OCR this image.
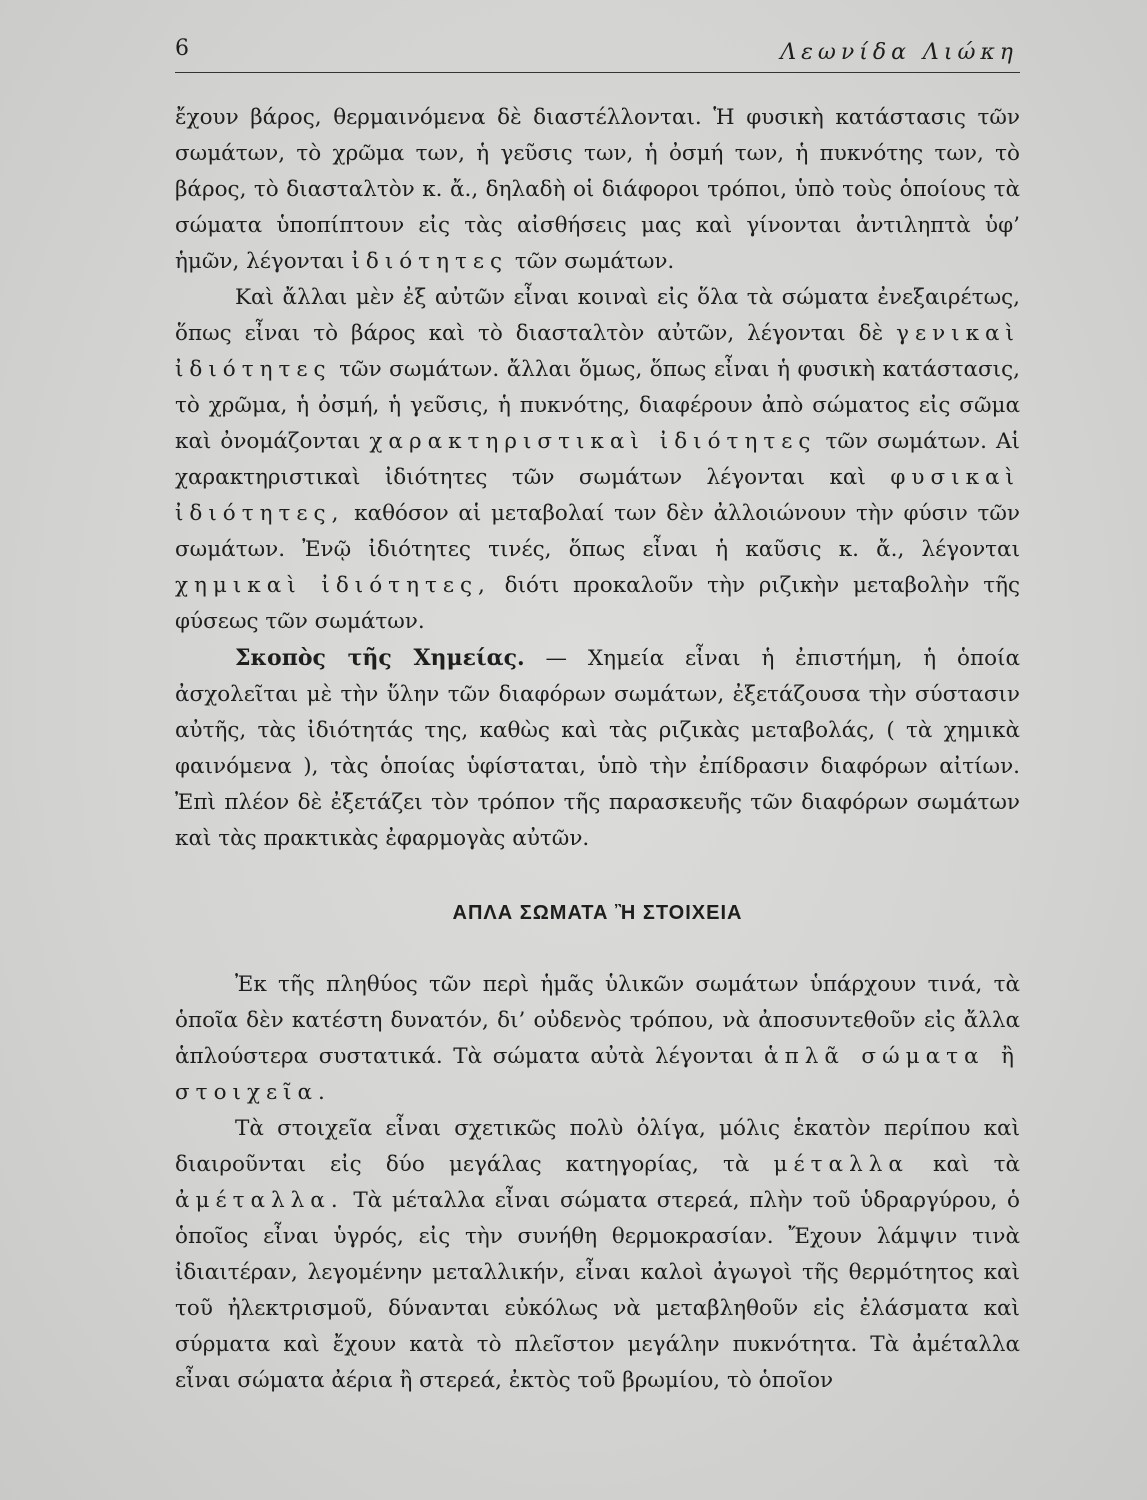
6	Λεωνίδα Λιώκη

ἔχουν βάρος, θερμαινόμενα δὲ διαστέλλονται. Ἡ φυσικὴ κατάστασις τῶν σωμάτων, τὸ χρῶμα των, ἡ γεῦσις των, ἡ ὀσμή των, ἡ πυκνότης των, τὸ βάρος, τὸ διασταλτὸν κ. ἄ., δηλαδὴ οἱ διάφοροι τρόποι, ὑπὸ τοὺς ὁποίους τὰ σώματα ὑποπίπτουν εἰς τὰς αἰσθήσεις μας καὶ γίνονται ἀντιληπτὰ ὑφ’ ἡμῶν, λέγονται ἰδιότητες τῶν σωμάτων.

Καὶ ἄλλαι μὲν ἐξ αὐτῶν εἶναι κοιναὶ εἰς ὅλα τὰ σώματα ἐνεξαιρέτως, ὅπως εἶναι τὸ βάρος καὶ τὸ διασταλτὸν αὐτῶν, λέγονται δὲ γενικαὶ ἰδιότητες τῶν σωμάτων. ἄλλαι ὅμως, ὅπως εἶναι ἡ φυσικὴ κατάστασις, τὸ χρῶμα, ἡ ὀσμή, ἡ γεῦσις, ἡ πυκνότης, διαφέρουν ἀπὸ σώματος εἰς σῶμα καὶ ὀνομάζονται χαρακτηριστικαὶ ἰδιότητες τῶν σωμάτων. Αἱ χαρακτηριστικαὶ ἰδιότητες τῶν σωμάτων λέγονται καὶ φυσικαὶ ἰδιότητες, καθόσον αἱ μεταβολαί των δὲν ἀλλοιώνουν τὴν φύσιν τῶν σωμάτων. Ἐνῷ ἰδιότητες τινές, ὅπως εἶναι ἡ καῦσις κ. ἄ., λέγονται χημικαὶ ἰδιότητες, διότι προκαλοῦν τὴν ριζικὴν μεταβολὴν τῆς φύσεως τῶν σωμάτων.

Σκοπὸς τῆς Χημείας. — Χημεία εἶναι ἡ ἐπιστήμη, ἡ ὁποία ἀσχολεῖται μὲ τὴν ὕλην τῶν διαφόρων σωμάτων, ἐξετάζουσα τὴν σύστασιν αὐτῆς, τὰς ἰδιότητάς της, καθὼς καὶ τὰς ριζικὰς μεταβολάς, ( τὰ χημικὰ φαινόμενα ), τὰς ὁποίας ὑφίσταται, ὑπὸ τὴν ἐπίδρασιν διαφόρων αἰτίων. Ἐπὶ πλέον δὲ ἐξετάζει τὸν τρόπον τῆς παρασκευῆς τῶν διαφόρων σωμάτων καὶ τὰς πρακτικὰς ἐφαρμογὰς αὐτῶν.

ΑΠΛΑ ΣΩΜΑΤΑ Ἢ ΣΤΟΙΧΕΙΑ

Ἐκ τῆς πληθύος τῶν περὶ ἡμᾶς ὑλικῶν σωμάτων ὑπάρχουν τινά, τὰ ὁποῖα δὲν κατέστη δυνατόν, δι’ οὐδενὸς τρόπου, νὰ ἀποσυντεθοῦν εἰς ἄλλα ἁπλούστερα συστατικά. Τὰ σώματα αὐτὰ λέγονται ἁπλᾶ σώματα ἢ στοιχεῖα.

Τὰ στοιχεῖα εἶναι σχετικῶς πολὺ ὀλίγα, μόλις ἑκατὸν περίπου καὶ διαιροῦνται εἰς δύο μεγάλας κατηγορίας, τὰ μέταλλα καὶ τὰ ἀμέταλλα. Τὰ μέταλλα εἶναι σώματα στερεά, πλὴν τοῦ ὑδραργύρου, ὁ ὁποῖος εἶναι ὑγρός, εἰς τὴν συνήθη θερμοκρασίαν. Ἔχουν λάμψιν τινὰ ἰδιαιτέραν, λεγομένην μεταλλικήν, εἶναι καλοὶ ἀγωγοὶ τῆς θερμότητος καὶ τοῦ ἠλεκτρισμοῦ, δύνανται εὐκόλως νὰ μεταβληθοῦν εἰς ἐλάσματα καὶ σύρματα καὶ ἔχουν κατὰ τὸ πλεῖστον μεγάλην πυκνότητα. Τὰ ἀμέταλλα εἶναι σώματα ἀέρια ἢ στερεά, ἐκτὸς τοῦ βρωμίου, τὸ ὁποῖον
